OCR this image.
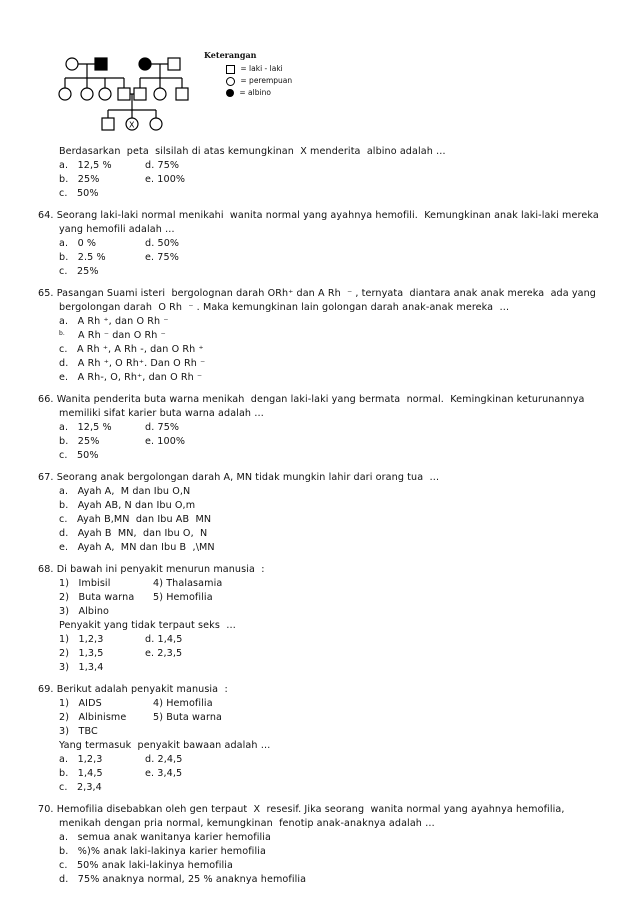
X
Keterangan
= laki - laki
= perempuan
= albino
Berdasarkan  peta  silsilah di atas kemungkinan  X menderita  albino adalah …
a.   12,5 %	d. 75%
b.   25%	e. 100%
c.   50%
64. Seorang laki-laki normal menikahi  wanita normal yang ayahnya hemofili.  Kemungkinan anak laki-laki mereka
yang hemofili adalah …
a.   0 %	d. 50%
b.   2.5 %	e. 75%
c.   25%
65. Pasangan Suami isteri  bergolognan darah ORh⁺ dan A Rh  ⁻ , ternyata  diantara anak anak mereka  ada yang
bergolongan darah  O Rh  ⁻ . Maka kemungkinan lain golongan darah anak-anak mereka  …
a.   A Rh ⁺, dan O Rh ⁻
b. A Rh ⁻ dan O Rh ⁻
c.   A Rh ⁺, A Rh -, dan O Rh ⁺
d.   A Rh ⁺, O Rh⁺. Dan O Rh ⁻
e.   A Rh-, O, Rh⁺, dan O Rh ⁻
66. Wanita penderita buta warna menikah  dengan laki-laki yang bermata  normal.  Kemingkinan keturunannya
memiliki sifat karier buta warna adalah …
a.   12,5 %	d. 75%
b.   25%	e. 100%
c.   50%
67. Seorang anak bergolongan darah A, MN tidak mungkin lahir dari orang tua  …
a.   Ayah A,  M dan Ibu O,N
b.   Ayah AB, N dan Ibu O,m
c.   Ayah B,MN  dan Ibu AB  MN
d.   Ayah B  MN,  dan Ibu O,  N
e.   Ayah A,  MN dan Ibu B  ,\MN
68. Di bawah ini penyakit menurun manusia  :
1)   Imbisil	4) Thalasamia
2)   Buta warna 5) Hemofilia
3)   Albino
Penyakit yang tidak terpaut seks  …
1)   1,2,3	d. 1,4,5
2)   1,3,5	e. 2,3,5
3)   1,3,4
69. Berikut adalah penyakit manusia  :
1)   AIDS	4) Hemofilia
2)   Albinisme	5) Buta warna
3)   TBC
Yang termasuk  penyakit bawaan adalah …
a.   1,2,3	d. 2,4,5
b.   1,4,5	e. 3,4,5
c.   2,3,4
70. Hemofilia disebabkan oleh gen terpaut  X  resesif. Jika seorang  wanita normal yang ayahnya hemofilia,
menikah dengan pria normal, kemungkinan  fenotip anak-anaknya adalah …
a.   semua anak wanitanya karier hemofilia
b.   %)% anak laki-lakinya karier hemofilia
c.   50% anak laki-lakinya hemofilia
d.   75% anaknya normal, 25 % anaknya hemofilia
